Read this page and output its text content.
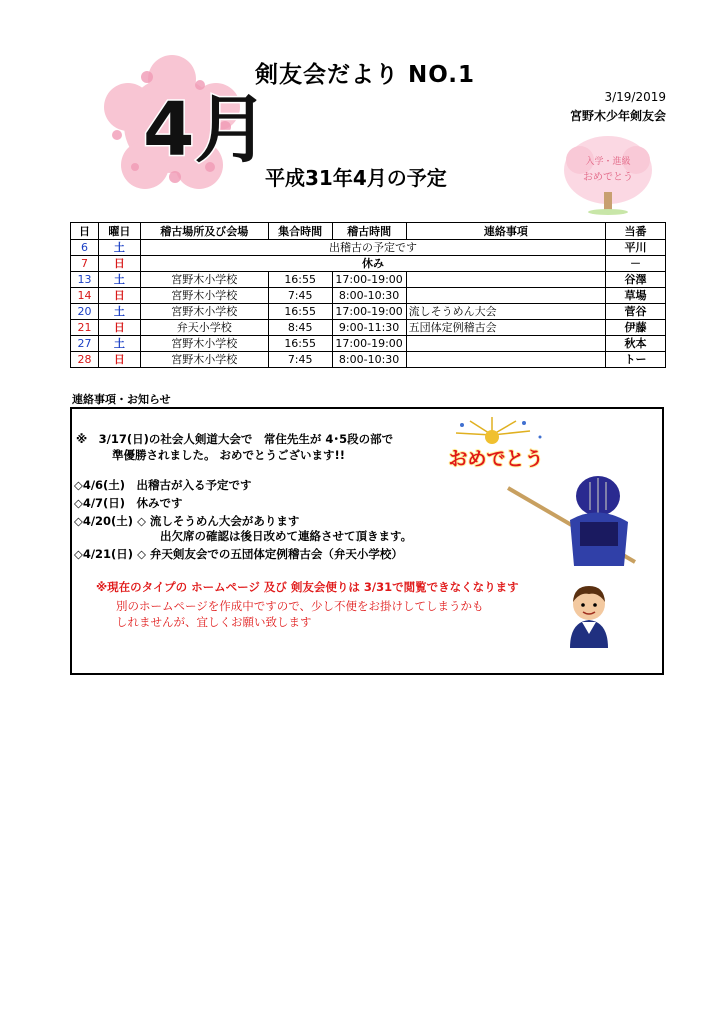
4月
剣友会だより NO.1
3/19/2019
宮野木少年剣友会
平成31年4月の予定
入学・進級
おめでとう
日	曜日	稽古場所及び会場	集合時間	稽古時間	連絡事項	当番
6	土	出稽古の予定です				平川
7	日	休み				－
13	土	宮野木小学校	16:55	17:00-19:00		谷澤
14	日	宮野木小学校	7:45	8:00-10:30		草場
20	土	宮野木小学校	16:55	17:00-19:00	流しそうめん大会	菅谷
21	日	弁天小学校	8:45	9:00-11:30	五団体定例稽古会	伊藤
27	土	宮野木小学校	16:55	17:00-19:00		秋本
28	日	宮野木小学校	7:45	8:00-10:30		トー
連絡事項・お知らせ
※　3/17(日)の社会人剣道大会で　常住先生が 4･5段の部で
準優勝されました。 おめでとうございます!!
◇4/6(土)　出稽古が入る予定です
◇4/7(日)　休みです
◇4/20(土) ◇ 流しそうめん大会があります
出欠席の確認は後日改めて連絡させて頂きます。
◇4/21(日) ◇ 弁天剣友会での五団体定例稽古会（弁天小学校）
※現在のタイプの ホームページ 及び 剣友会便りは 3/31で閲覧できなくなります
別のホームページを作成中ですので、少し不便をお掛けしてしまうかも
しれませんが、宜しくお願い致します
おめでとう
